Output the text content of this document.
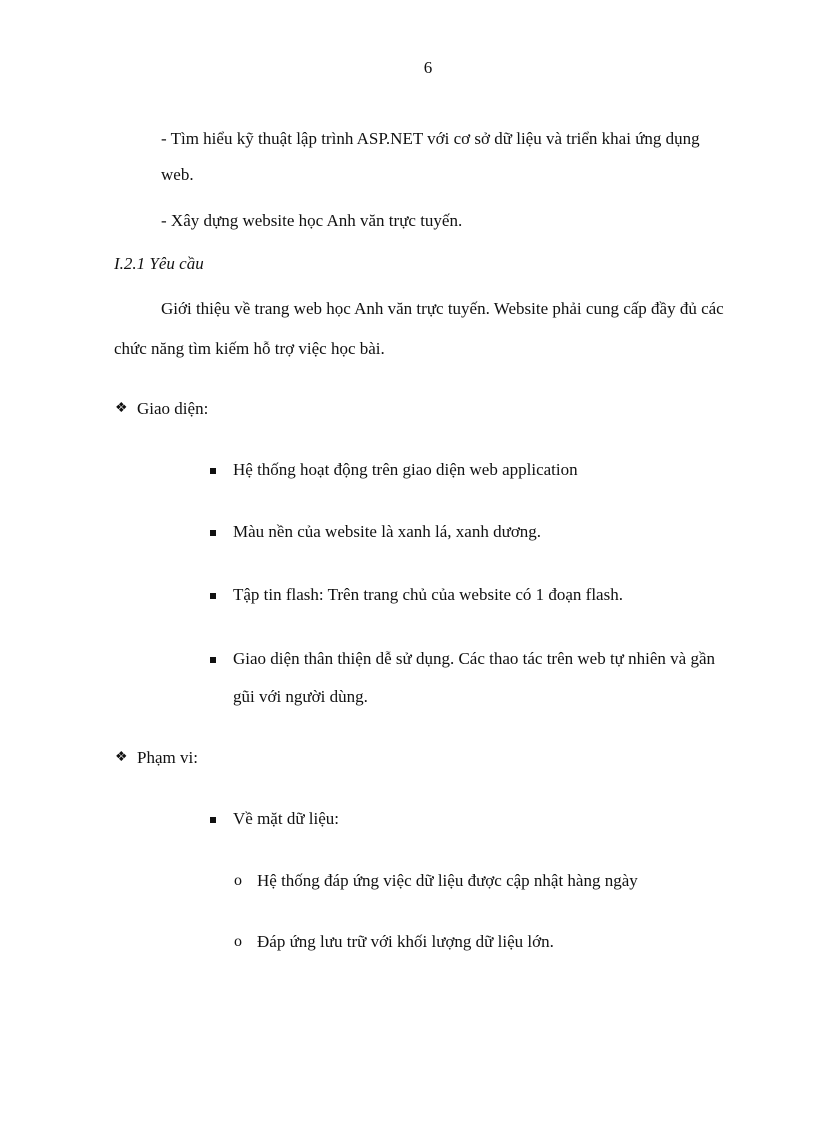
6
- Tìm hiểu kỹ thuật lập trình ASP.NET với cơ sở dữ liệu và triển khai ứng dụng
web.
- Xây dựng website học Anh văn trực tuyến.
I.2.1 Yêu cầu
Giới thiệu về trang web học Anh văn trực tuyến. Website phải cung cấp đầy đủ các
chức năng tìm kiếm hỗ trợ việc học bài.
❖ Giao diện:
Hệ thống hoạt động trên giao diện web application
Màu nền của website là xanh lá, xanh dương.
Tập tin flash: Trên trang chủ của website có 1 đoạn flash.
Giao diện thân thiện dễ sử dụng. Các thao tác trên web tự nhiên và gần
gũi với người dùng.
❖ Phạm vi:
Về mặt dữ liệu:
o Hệ thống đáp ứng việc dữ liệu được cập nhật hàng ngày
o Đáp ứng lưu trữ với khối lượng dữ liệu lớn.
